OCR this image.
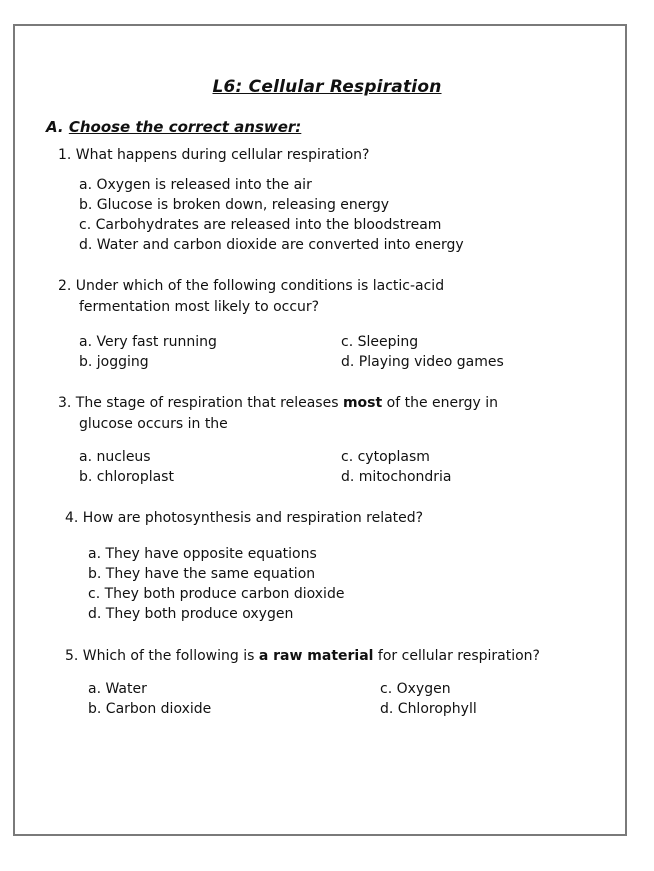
L6: Cellular Respiration
A. Choose the correct answer:
1. What happens during cellular respiration?
a. Oxygen is released into the air
b. Glucose is broken down, releasing energy
c. Carbohydrates are released into the bloodstream
d. Water and carbon dioxide are converted into energy
2. Under which of the following conditions is lactic-acid
fermentation most likely to occur?
a. Very fast running
b. jogging
c. Sleeping
d. Playing video games
3. The stage of respiration that releases most of the energy in
glucose occurs in the
a. nucleus
b. chloroplast
c. cytoplasm
d. mitochondria
4. How are photosynthesis and respiration related?
a. They have opposite equations
b. They have the same equation
c. They both produce carbon dioxide
d. They both produce oxygen
5. Which of the following is a raw material for cellular respiration?
a. Water
b. Carbon dioxide
c. Oxygen
d. Chlorophyll
